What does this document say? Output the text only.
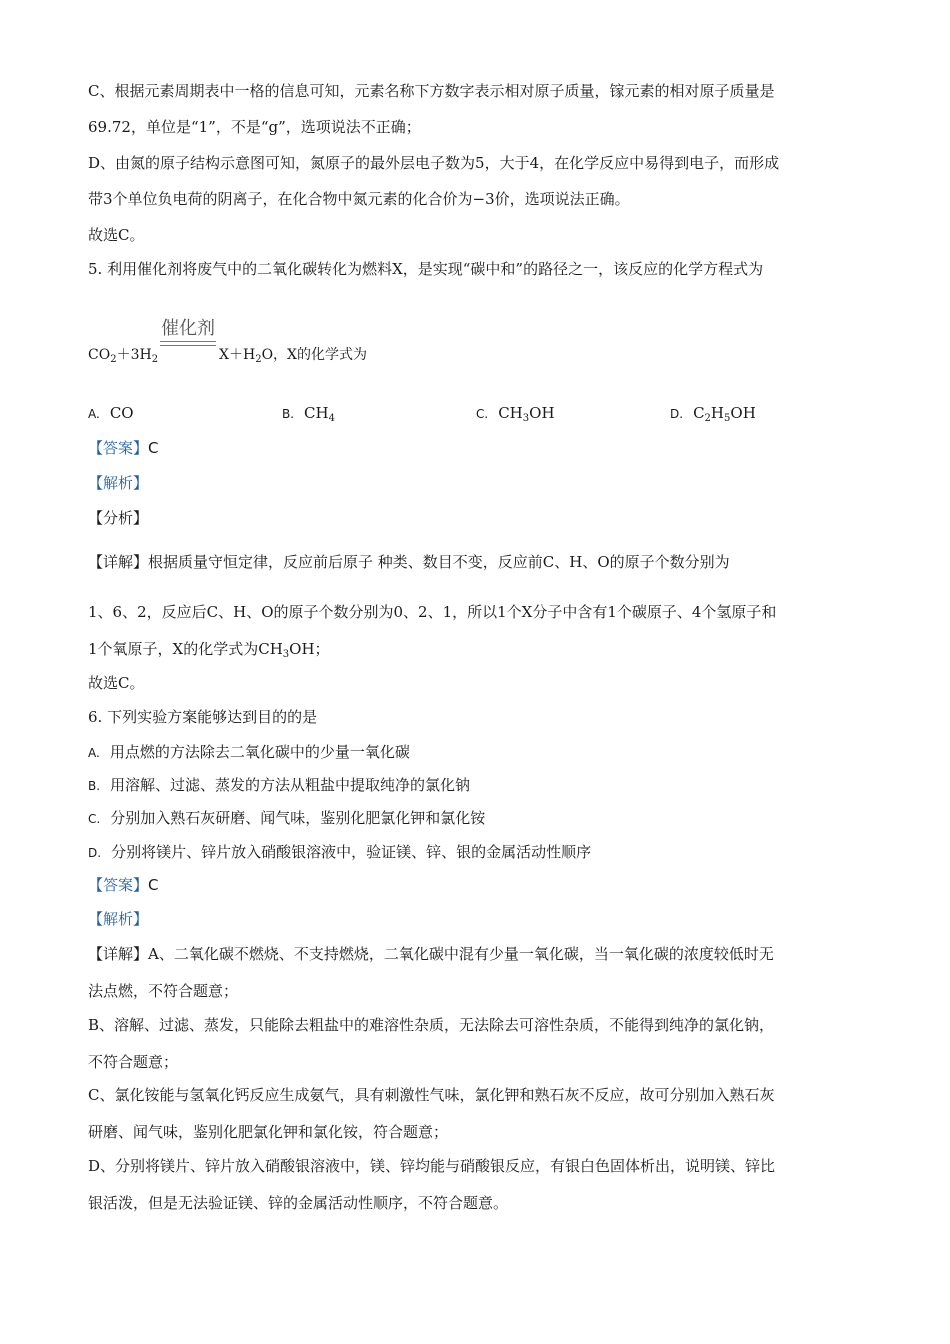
C、根据元素周期表中一格的信息可知，元素名称下方数字表示相对原子质量，镓元素的相对原子质量是
69.72，单位是“1”，不是“g”，选项说法不正确；
D、由氮的原子结构示意图可知，氮原子的最外层电子数为5，大于4，在化学反应中易得到电子，而形成
带3个单位负电荷的阴离子，在化合物中氮元素的化合价为−3价，选项说法正确。
故选C。
5. 利用催化剂将废气中的二氧化碳转化为燃料X，是实现“碳中和”的路径之一，该反应的化学方程式为
催化剂
$CO_2+3H_2$	$X+H_2O$，X的化学式为
A. CO	B. $CH_4$	C. $CH_3OH$	D. $C_2H_5OH$
【答案】C
【解析】
【分析】
【详解】根据质量守恒定律，反应前后原子 种类、数目不变，反应前C、H、O的原子个数分别为
1、6、2，反应后C、H、O的原子个数分别为0、2、1，所以1个X分子中含有1个碳原子、4个氢原子和
1个氧原子，X的化学式为$CH_3OH$；
故选C。
6. 下列实验方案能够达到目的的是
A. 用点燃的方法除去二氧化碳中的少量一氧化碳
B. 用溶解、过滤、蒸发的方法从粗盐中提取纯净的氯化钠
C. 分别加入熟石灰研磨、闻气味，鉴别化肥氯化钾和氯化铵
D. 分别将镁片、锌片放入硝酸银溶液中，验证镁、锌、银的金属活动性顺序
【答案】C
【解析】
【详解】A、二氧化碳不燃烧、不支持燃烧，二氧化碳中混有少量一氧化碳，当一氧化碳的浓度较低时无
法点燃，不符合题意；
B、溶解、过滤、蒸发，只能除去粗盐中的难溶性杂质，无法除去可溶性杂质，不能得到纯净的氯化钠，
不符合题意；
C、氯化铵能与氢氧化钙反应生成氨气，具有刺激性气味，氯化钾和熟石灰不反应，故可分别加入熟石灰
研磨、闻气味，鉴别化肥氯化钾和氯化铵，符合题意；
D、分别将镁片、锌片放入硝酸银溶液中，镁、锌均能与硝酸银反应，有银白色固体析出，说明镁、锌比
银活泼，但是无法验证镁、锌的金属活动性顺序，不符合题意。
